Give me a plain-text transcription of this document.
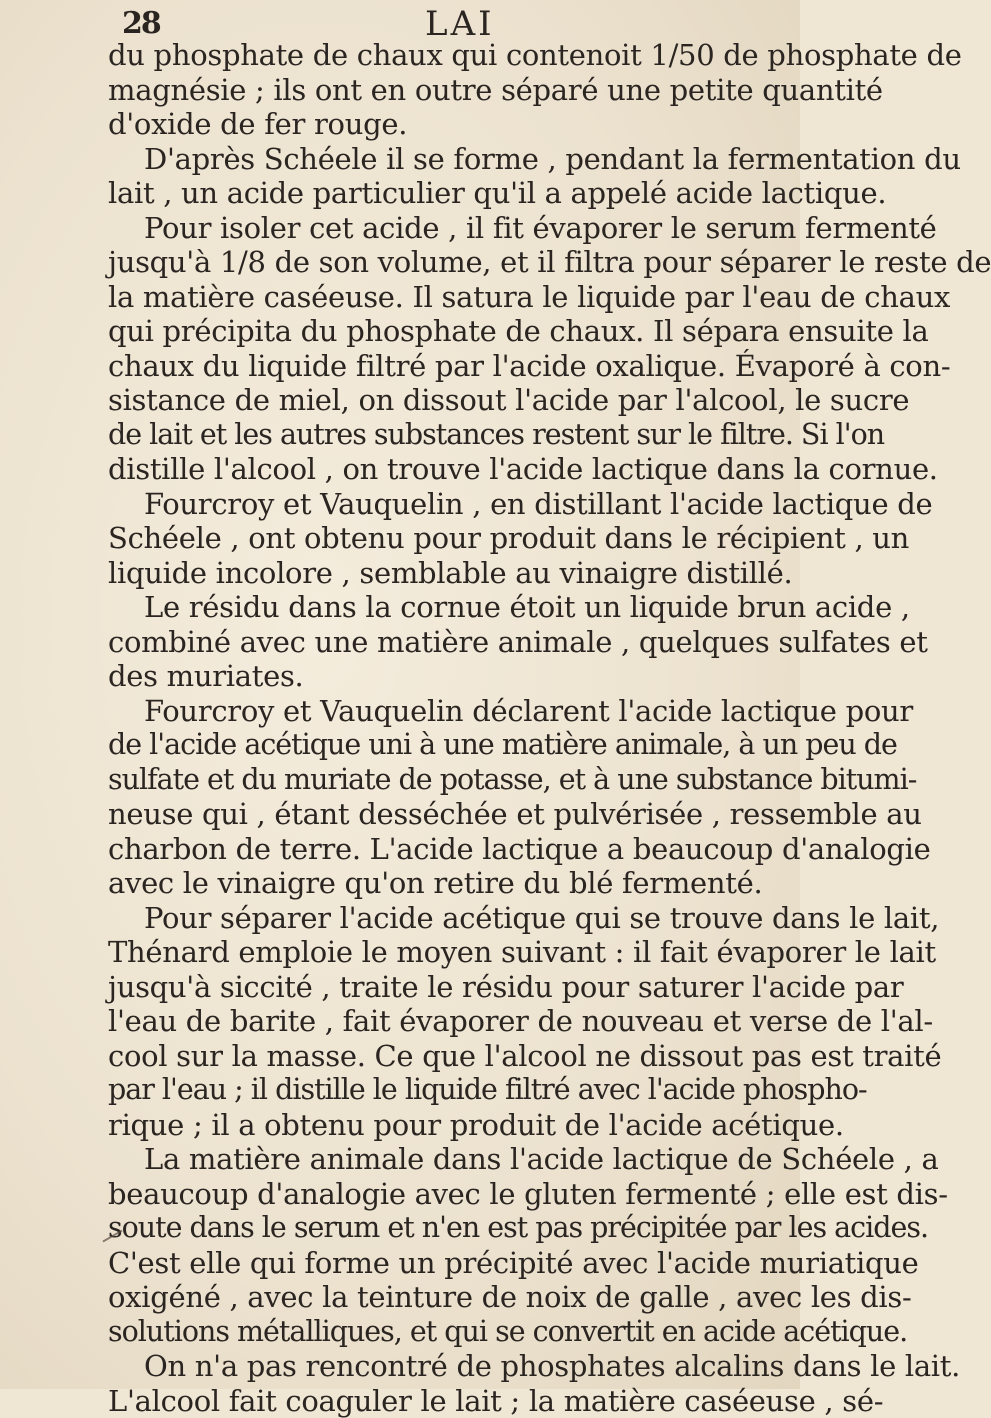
28	LAI
du phosphate de chaux qui contenoit 1/50 de phosphate de
magnésie ; ils ont en outre séparé une petite quantité
d'oxide de fer rouge.
D'après Schéele il se forme , pendant la fermentation du
lait , un acide particulier qu'il a appelé acide lactique.
Pour isoler cet acide , il fit évaporer le serum fermenté
jusqu'à 1/8 de son volume, et il filtra pour séparer le reste de
la matière caséeuse. Il satura le liquide par l'eau de chaux
qui précipita du phosphate de chaux. Il sépara ensuite la
chaux du liquide filtré par l'acide oxalique. Évaporé à con-
sistance de miel, on dissout l'acide par l'alcool, le sucre
de lait et les autres substances restent sur le filtre. Si l'on
distille l'alcool , on trouve l'acide lactique dans la cornue.
Fourcroy et Vauquelin , en distillant l'acide lactique de
Schéele , ont obtenu pour produit dans le récipient , un
liquide incolore , semblable au vinaigre distillé.
Le résidu dans la cornue étoit un liquide brun acide ,
combiné avec une matière animale , quelques sulfates et
des muriates.
Fourcroy et Vauquelin déclarent l'acide lactique pour
de l'acide acétique uni à une matière animale, à un peu de
sulfate et du muriate de potasse, et à une substance bitumi-
neuse qui , étant desséchée et pulvérisée , ressemble au
charbon de terre. L'acide lactique a beaucoup d'analogie
avec le vinaigre qu'on retire du blé fermenté.
Pour séparer l'acide acétique qui se trouve dans le lait,
Thénard emploie le moyen suivant : il fait évaporer le lait
jusqu'à siccité , traite le résidu pour saturer l'acide par
l'eau de barite , fait évaporer de nouveau et verse de l'al-
cool sur la masse. Ce que l'alcool ne dissout pas est traité
par l'eau ; il distille le liquide filtré avec l'acide phospho-
rique ; il a obtenu pour produit de l'acide acétique.
La matière animale dans l'acide lactique de Schéele , a
beaucoup d'analogie avec le gluten fermenté ; elle est dis-
soute dans le serum et n'en est pas précipitée par les acides.
C'est elle qui forme un précipité avec l'acide muriatique
oxigéné , avec la teinture de noix de galle , avec les dis-
solutions métalliques, et qui se convertit en acide acétique.
On n'a pas rencontré de phosphates alcalins dans le lait.
L'alcool fait coaguler le lait ; la matière caséeuse , sé-
